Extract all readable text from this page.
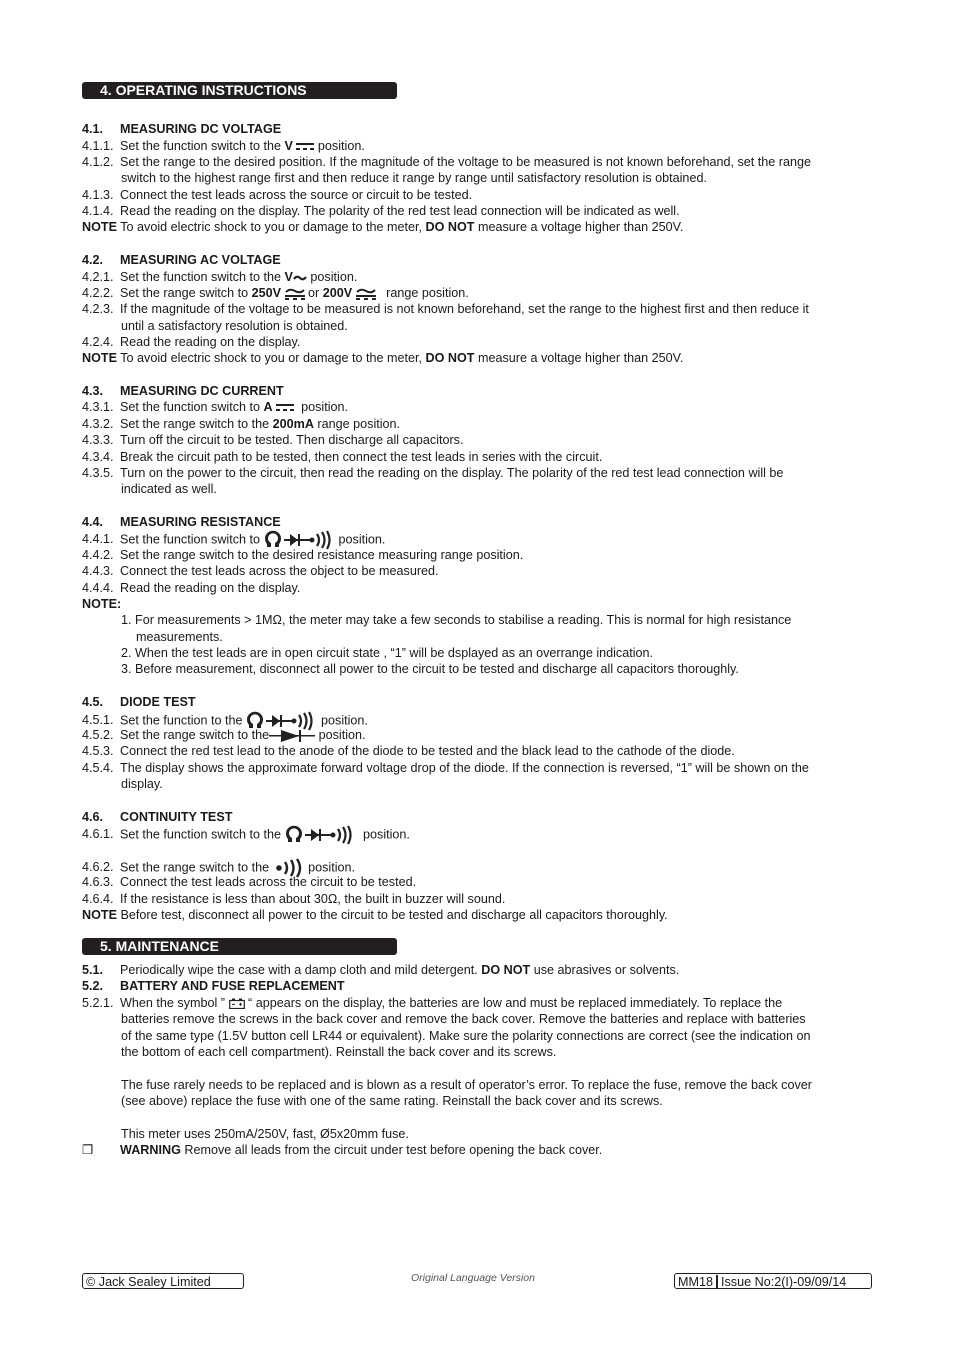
4. OPERATING INSTRUCTIONS
4.1. MEASURING DC VOLTAGE
4.1.1. Set the function switch to the V  position.
4.1.2. Set the range to the desired position. If the magnitude of the voltage to be measured is not known beforehand, set the range
switch to the highest range first and then reduce it range by range until satisfactory resolution is obtained.
4.1.3. Connect the test leads across the source or circuit to be tested.
4.1.4. Read the reading on the display. The polarity of the red test lead connection will be indicated as well.
NOTE To avoid electric shock to you or damage to the meter, DO NOT measure a voltage higher than 250V.
4.2. MEASURING AC VOLTAGE
4.2.1. Set the function switch to the V position.
4.2.2. Set the range switch to 250V  or 200V	range position.
4.2.3. If the magnitude of the voltage to be measured is not known beforehand, set the range to the highest first and then reduce it
until a satisfactory resolution is obtained.
4.2.4. Read the reading on the display.
NOTE To avoid electric shock to you or damage to the meter, DO NOT measure a voltage higher than 250V.
4.3. MEASURING DC CURRENT
4.3.1. Set the function switch to A   position.
4.3.2. Set the range switch to the 200mA range position.
4.3.3. Turn off the circuit to be tested. Then discharge all capacitors.
4.3.4. Break the circuit path to be tested, then connect the test leads in series with the circuit.
4.3.5. Turn on the power to the circuit, then read the reading on the display. The polarity of the red test lead connection will be
indicated as well.
4.4. MEASURING RESISTANCE
4.4.1. Set the function switch to	position.
4.4.2. Set the range switch to the desired resistance measuring range position.
4.4.3. Connect the test leads across the object to be measured.
4.4.4. Read the reading on the display.
NOTE:
1. For measurements > 1MΩ, the meter may take a few seconds to stabilise a reading. This is normal for high resistance
measurements.
2. When the test leads are in open circuit state , “1” will be dsplayed as an overrange indication.
3. Before measurement, disconnect all power to the circuit to be tested and discharge all capacitors thoroughly.
4.5. DIODE TEST
4.5.1. Set the function to the	position.
4.5.2. Set the range switch to the	position.
4.5.3. Connect the red test lead to the anode of the diode to be tested and the black lead to the cathode of the diode.
4.5.4. The display shows the approximate forward voltage drop of the diode. If the connection is reversed, “1” will be shown on the
display.
4.6. CONTINUITY TEST
4.6.1. Set the function switch to the	position.
4.6.2. Set the range switch to the	position.
4.6.3. Connect the test leads across the circuit to be tested.
4.6.4. If the resistance is less than about 30Ω, the built in buzzer will sound.
NOTE Before test, disconnect all power to the circuit to be tested and discharge all capacitors thoroughly.
5. MAINTENANCE
5.1. Periodically wipe the case with a damp cloth and mild detergent. DO NOT use abrasives or solvents.
5.2. BATTERY AND FUSE REPLACEMENT
5.2.1. When the symbol ”  “ appears on the display, the batteries are low and must be replaced immediately. To replace the
batteries remove the screws in the back cover and remove the back cover. Remove the batteries and replace with batteries
of the same type (1.5V button cell LR44 or equivalent). Make sure the polarity connections are correct (see the indication on
the bottom of each cell compartment). Reinstall the back cover and its screws.
The fuse rarely needs to be replaced and is blown as a result of operator’s error. To replace the fuse, remove the back cover
(see above) replace the fuse with one of the same rating. Reinstall the back cover and its screws.
This meter uses 250mA/250V, fast, Ø5x20mm fuse.
❒ WARNING Remove all leads from the circuit under test before opening the back cover.
© Jack Sealey Limited	Original Language Version	MM18 Issue No:2(I)-09/09/14
